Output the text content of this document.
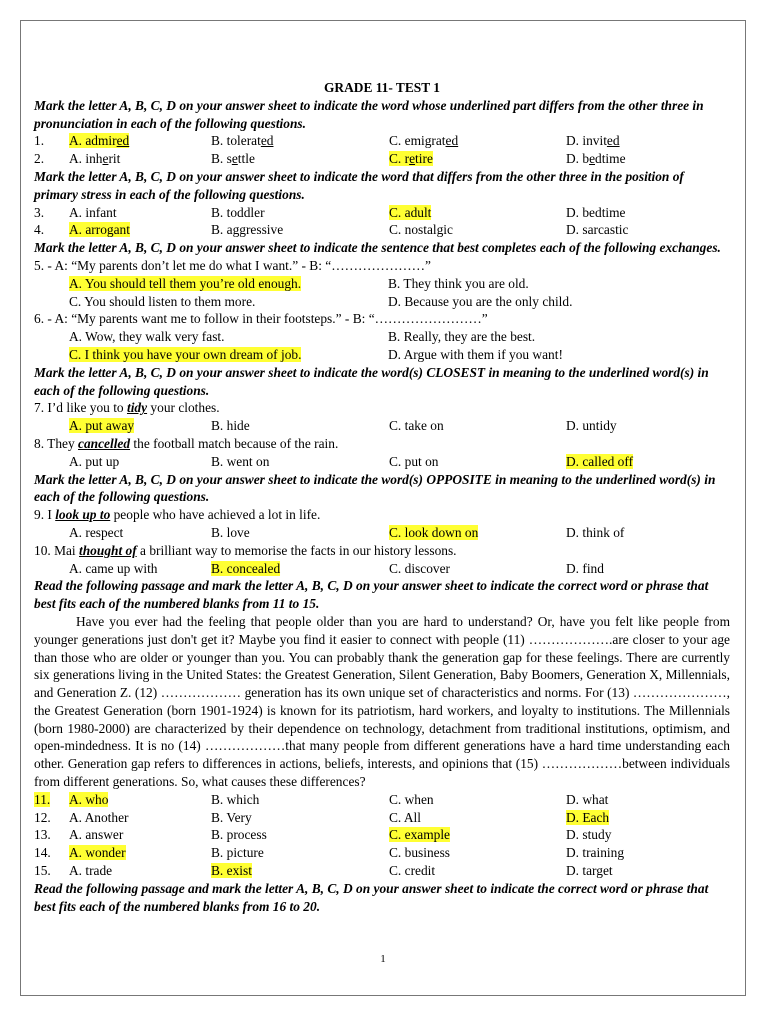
GRADE 11- TEST 1
Mark the letter A, B, C, D on your answer sheet to indicate the word whose underlined part differs from the other three in pronunciation in each of the following questions.
1.	A. admired	B. tolerated	C. emigrated	D. invited
2.	A. inherit	B. settle	C. retire	D. bedtime
Mark the letter A, B, C, D on your answer sheet to indicate the word that differs from the other three in the position of primary stress in each of the following questions.
3.	A. infant	B. toddler	C. adult	D. bedtime
4.	A. arrogant	B. aggressive	C. nostalgic	D. sarcastic
Mark the letter A, B, C, D on your answer sheet to indicate the sentence that best completes each of the following exchanges.
5. - A: “My parents don’t let me do what I want.” - B: “…………………”
A. You should tell them you’re old enough.	B. They think you are old.
C. You should listen to them more.	D. Because you are the only child.
6. - A: “My parents want me to follow in their footsteps.” - B: “……………………”
A. Wow, they walk very fast.	B. Really, they are the best.
C. I think you have your own dream of job.	D. Argue with them if you want!
Mark the letter A, B, C, D on your answer sheet to indicate the word(s) CLOSEST in meaning to the underlined word(s) in each of the following questions.
7. I’d like you to tidy your clothes.
A. put away	B. hide	C. take on	D. untidy
8. They cancelled the football match because of the rain.
A. put up	B. went on	C. put on	D. called off
Mark the letter A, B, C, D on your answer sheet to indicate the word(s) OPPOSITE in meaning to the underlined word(s) in each of the following questions.
9. I look up to people who have achieved a lot in life.
A. respect	B. love	C. look down on	D. think of
10. Mai thought of a brilliant way to memorise the facts in our history lessons.
A. came up with	B. concealed	C. discover	D. find
Read the following passage and mark the letter A, B, C, D on your answer sheet to indicate the correct word or phrase that best fits each of the numbered blanks from 11 to 15.
Have you ever had the feeling that people older than you are hard to understand? Or, have you felt like people from younger generations just don't get it? Maybe you find it easier to connect with people (11) ……………….are closer to your age than those who are older or younger than you. You can probably thank the generation gap for these feelings. There are currently six generations living in the United States: the Greatest Generation, Silent Generation, Baby Boomers, Generation X, Millennials, and Generation Z. (12) ……………… generation has its own unique set of characteristics and norms. For (13) …………………, the Greatest Generation (born 1901-1924) is known for its patriotism, hard workers, and loyalty to institutions. The Millennials (born 1980-2000) are characterized by their dependence on technology, detachment from traditional institutions, optimism, and open-mindedness. It is no (14) ………………that many people from different generations have a hard time understanding each other. Generation gap refers to differences in actions, beliefs, interests, and opinions that (15) ………………between individuals from different generations. So, what causes these differences?
11.	A. who	B. which	C. when	D. what
12.	A. Another	B. Very	C. All	D. Each
13.	A. answer	B. process	C. example	D. study
14.	A. wonder	B. picture	C. business	D. training
15.	A. trade	B. exist	C. credit	D. target
Read the following passage and mark the letter A, B, C, D on your answer sheet to indicate the correct word or phrase that best fits each of the numbered blanks from 16 to 20.
1
